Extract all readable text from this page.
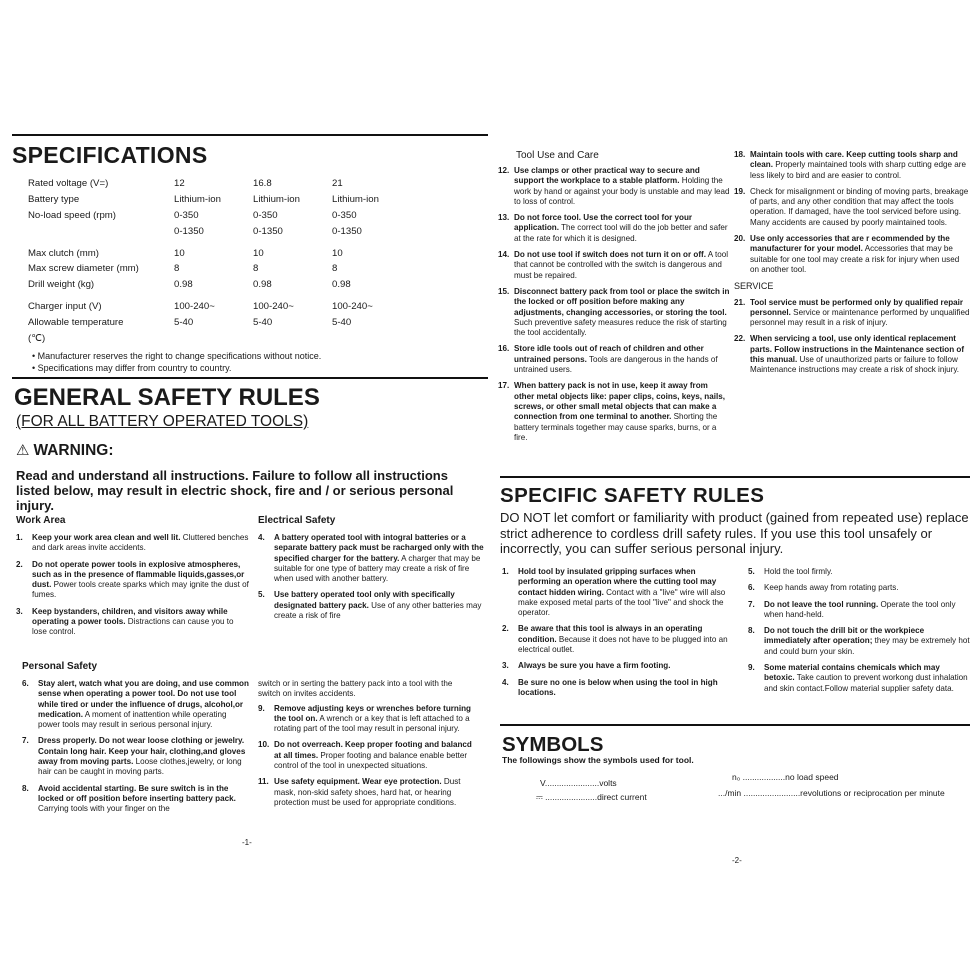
SPECIFICATIONS
Rated voltage (V=)	12	16.8	21
Battery type	Lithium-ion	Lithium-ion	Lithium-ion
No-load speed (rpm)	0-350	0-350	0-350
	0-1350	0-1350	0-1350

Max clutch (mm)	10	10	10
Max screw diameter (mm)	8	8	8
Drill weight (kg)	0.98	0.98	0.98

Charger input (V)	100-240~	100-240~	100-240~
Allowable temperature	5-40	5-40	5-40
(℃)			
• Manufacturer reserves the right to change specifications without notice.
• Specifications may differ from country to country.
GENERAL SAFETY RULES
(FOR ALL BATTERY OPERATED TOOLS)
⚠ WARNING:
Read and understand all instructions. Failure to follow all instructions listed below, may result in electric shock, fire and / or serious personal injury.
Work Area
1. Keep your work area clean and well lit. Cluttered benches and dark areas invite accidents.
2. Do not operate power tools in explosive atmospheres, such as in the presence of flammable liquids,gasses,or dust. Power tools create sparks which may ignite the dust of fumes.
3. Keep bystanders, children, and visitors away while operating a power tools. Distractions can cause you to lose control.
Electrical Safety
4. A battery operated tool with intogral batteries or a separate battery pack must be racharged only with the specified charger for the battery. A charger that may be suitable for one type of battery may create a risk of fire when used with another battery.
5. Use battery operated tool only with specifically designated battery pack. Use of any other batteries may create a risk of fire
Personal Safety
6. Stay alert, watch what you are doing, and use common sense when operating a power tool. Do not use tool while tired or under the influence of drugs, alcohol,or medication. A moment of inattention while operating power tools may result in serious personal injury.
7. Dress properly. Do not wear loose clothing or jewelry. Contain long hair. Keep your hair, clothing,and gloves away from moving parts. Loose clothes,jewelry, or long hair can be caught in moving parts.
8. Avoid accidental starting. Be sure switch is in the locked or off position before inserting battery pack. Carrying tools with your finger on the
switch or in serting the battery pack into a tool with the switch on invites accidents.
9. Remove adjusting keys or wrenches before turning the tool on. A wrench or a key that is left attached to a rotating part of the tool may result in personal injury.
10. Do not overreach. Keep proper footing and balancd at all times. Proper footing and balance enable better control of the tool in unexpected situations.
11. Use safety equipment. Wear eye protection. Dust mask, non-skid safety shoes, hard hat, or hearing protection must be used for appropriate conditions.
-1-
Tool Use and Care
12. Use clamps or other practical way to secure and support the workplace to a stable platform. Holding the work by hand or against your body is unstable and may lead to loss of control.
13. Do not force tool. Use the correct tool for your application. The correct tool will do the job better and safer at the rate for which it is designed.
14. Do not use tool if switch does not turn it on or off. A tool that cannot be controlled with the switch is dangerous and must be repaired.
15. Disconnect battery pack from tool or place the switch in the locked or off position before making any adjustments, changing accessories, or storing the tool. Such preventive safety measures reduce the risk of starting the tool accidentally.
16. Store idle tools out of reach of children and other untrained persons. Tools are dangerous in the hands of untrained users.
17. When battery pack is not in use, keep it away from other metal objects like: paper clips, coins, keys, nails, screws, or other small metal objects that can make a connection from one terminal to another. Shorting the battery terminals together may cause sparks, burns, or a fire.
18. Maintain tools with care. Keep cutting tools sharp and clean. Properly maintained tools with sharp cutting edge are less likely to bird and are easier to control.
19. Check for misalignment or binding of moving parts, breakage of parts, and any other condition that may affect the tools operation. If damaged, have the tool serviced before using. Many accidents are caused by poorly maintained tools.
20. Use only accessories that are r ecommended by the manufacturer for your model. Accessories that may be suitable for one tool may create a risk for injury when used on another tool.
SERVICE
21. Tool service must be performed only by qualified repair personnel. Service or maintenance performed by unqualified personnel may result in a risk of injury.
22. When servicing a tool, use only identical replacement parts. Follow instructions in the Maintenance section of this manual. Use of unauthorized parts or failure to follow Maintenance instructions may create a risk of shock injury.
SPECIFIC SAFETY RULES
DO NOT let comfort or familiarity with product (gained from repeated use) replace strict adherence to cordless drill safety rules. If you use this tool unsafely or incorrectly, you can suffer serious personal injury.
1. Hold tool by insulated gripping surfaces when performing an operation where the cutting tool may contact hidden wiring. Contact with a "live" wire will also make exposed metal parts of the tool "live" and shock the operator.
2. Be aware that this tool is always in an operating condition. Because it does not have to be plugged into an electrical outlet.
3. Always be sure you have a firm footing.
4. Be sure no one is below when using the tool in high locations.
5. Hold the tool firmly.
6. Keep hands away from rotating parts.
7. Do not leave the tool running. Operate the tool only when hand-held.
8. Do not touch the drill bit or the workpiece immediately after operation; they may be extremely hot and could burn your skin.
9. Some material contains chemicals which may betoxic. Take caution to prevent workong dust inhalation and skin contact.Follow material supplier safety data.
SYMBOLS
The followings show the symbols used for tool.
V.......................volts
⎓ ......................direct current
n₀ ..................no load speed
.../min ........................revolutions or reciprocation per minute
-2-
